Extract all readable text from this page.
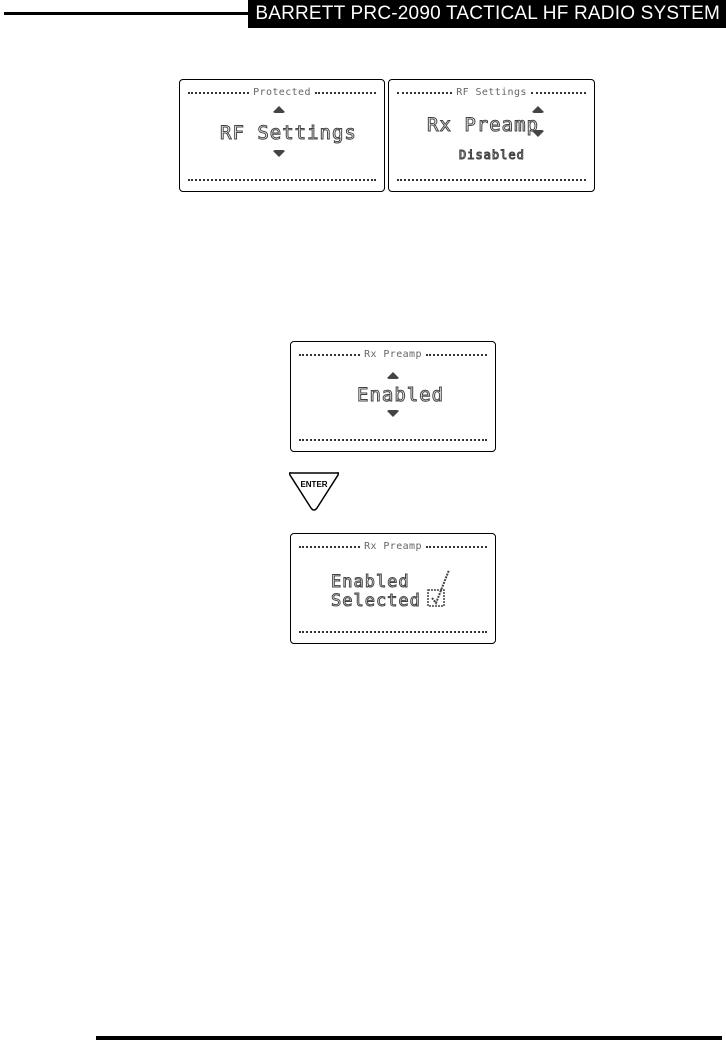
BARRETT PRC-2090 TACTICAL HF RADIO SYSTEM
Protected
RF Settings
RF Settings
Rx Preamp
Disabled
Rx Preamp
Enabled
ENTER
Rx Preamp
Enabled
Selected
